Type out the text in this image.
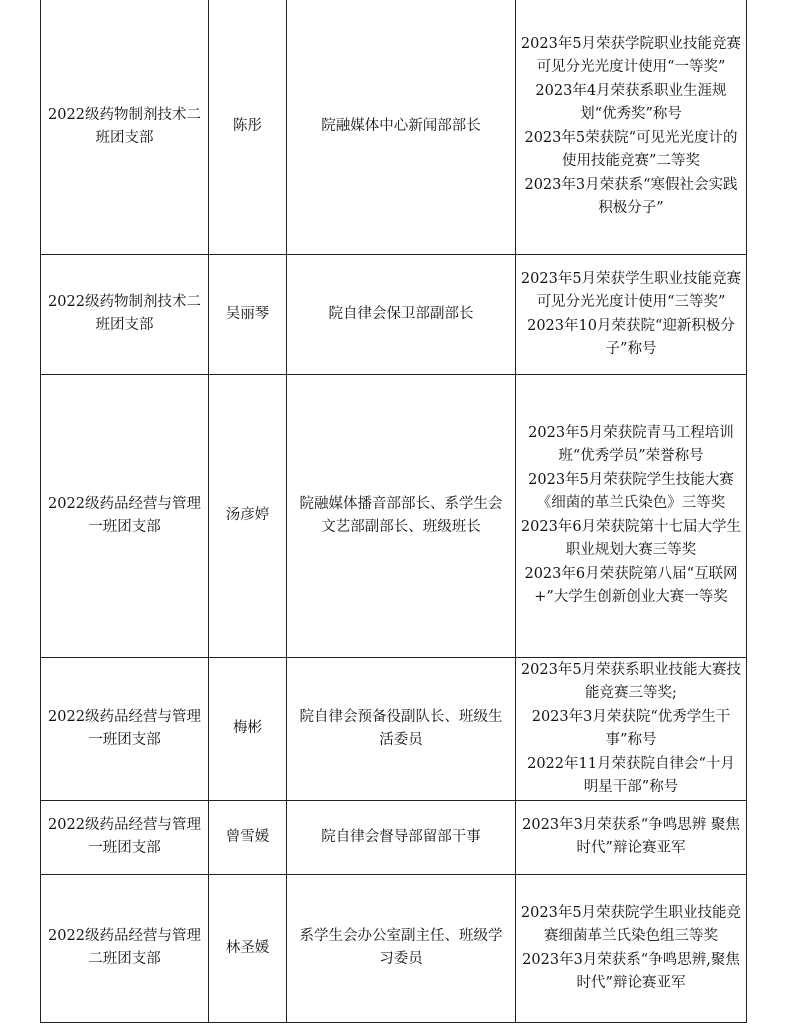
2022级药物制剂技术二班团支部	陈彤	院融媒体中心新闻部部长	2023年5月荣获学院职业技能竞赛可见分光光度计使用“一等奖”
2023年4月荣获系职业生涯规划“优秀奖”称号
2023年5荣获院“可见光光度计的使用技能竞赛”二等奖
2023年3月荣获系“寒假社会实践积极分子”

2022级药物制剂技术二班团支部	吴丽琴	院自律会保卫部副部长	2023年5月荣获学生职业技能竞赛可见分光光度计使用“三等奖”
2023年10月荣获院“迎新积极分子”称号

2022级药品经营与管理一班团支部	汤彦婷	院融媒体播音部部长、系学生会文艺部副部长、班级班长	2023年5月荣获院青马工程培训班“优秀学员”荣誉称号
2023年5月荣获院学生技能大赛《细菌的革兰氏染色》三等奖
2023年6月荣获院第十七届大学生职业规划大赛三等奖
2023年6月荣获院第八届“互联网+”大学生创新创业大赛一等奖

2022级药品经营与管理一班团支部	梅彬	院自律会预备役副队长、班级生活委员	2023年5月荣获系职业技能大赛技能竞赛三等奖;
2023年3月荣获院“优秀学生干事”称号
2022年11月荣获院自律会“十月明星干部”称号

2022级药品经营与管理一班团支部	曾雪媛	院自律会督导部留部干事	2023年3月荣获系“争鸣思辨 聚焦时代”辩论赛亚军

2022级药品经营与管理二班团支部	林圣媛	系学生会办公室副主任、班级学习委员	2023年5月荣获院学生职业技能竞赛细菌革兰氏染色组三等奖
2023年3月荣获系“争鸣思辨,聚焦时代”辩论赛亚军
